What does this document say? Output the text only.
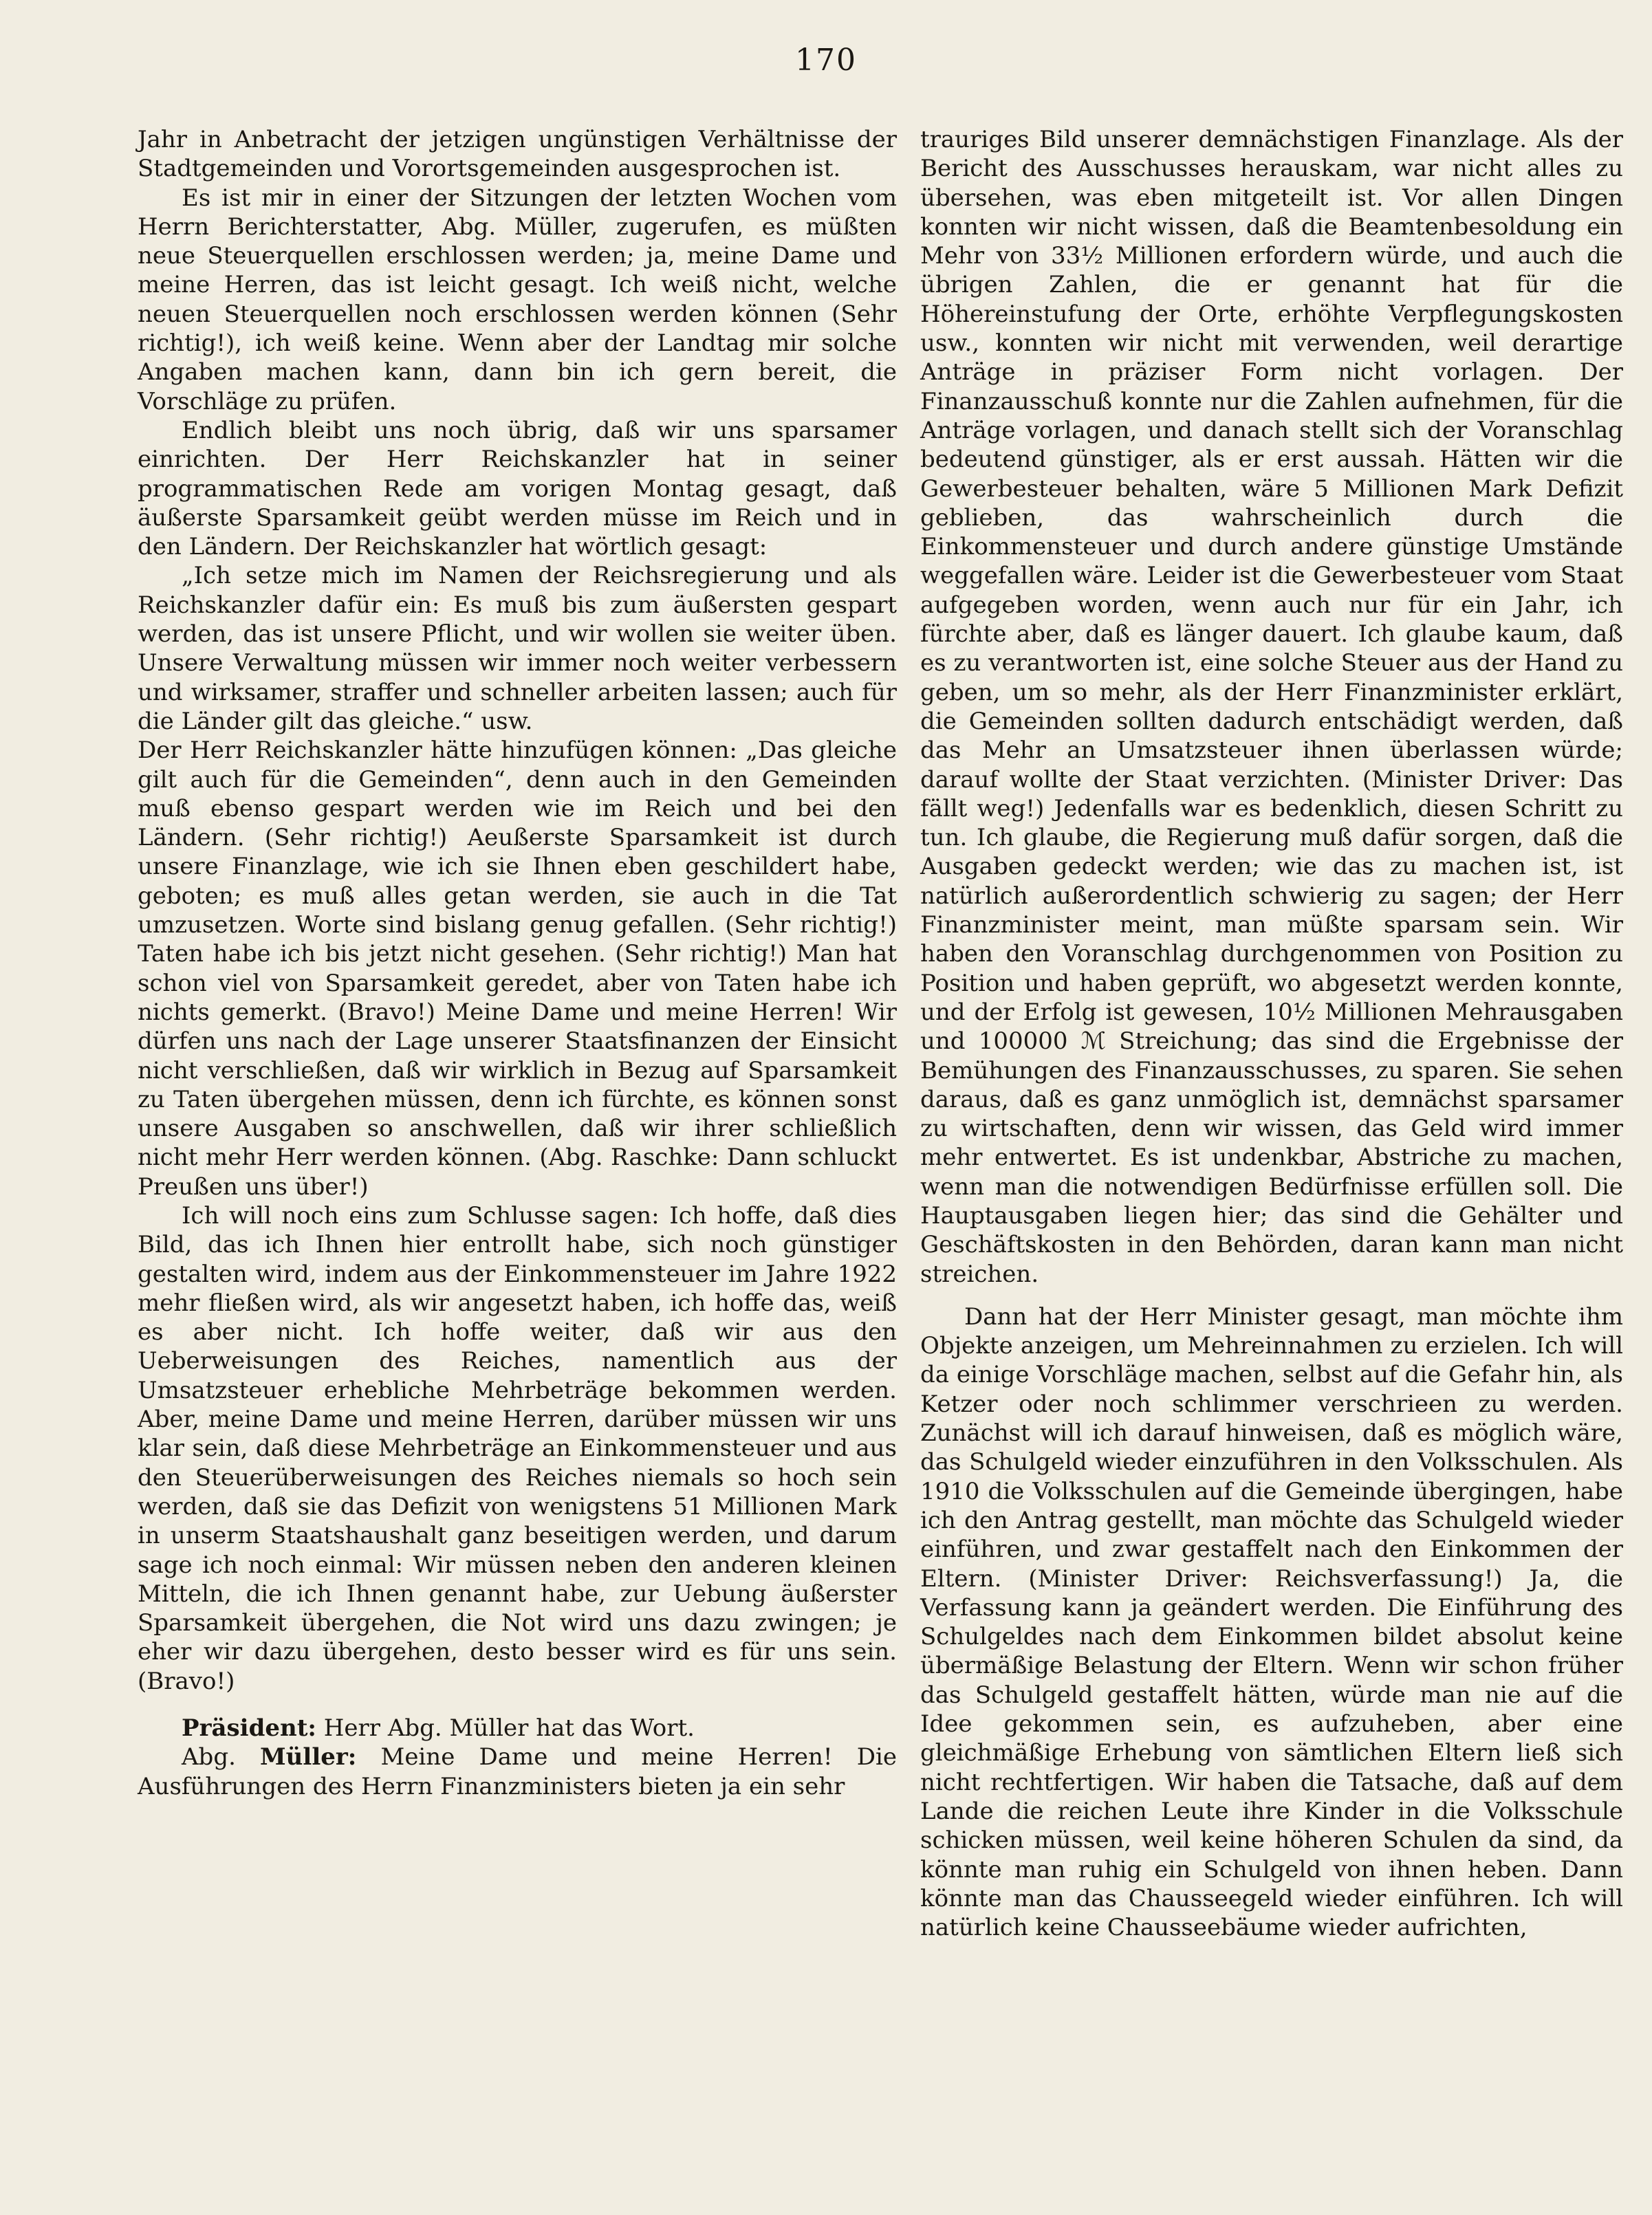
170

Jahr in Anbetracht der jetzigen ungünstigen Verhältnisse der Stadtgemeinden und Vorortsgemeinden ausgesprochen ist.

Es ist mir in einer der Sitzungen der letzten Wochen vom Herrn Berichterstatter, Abg. Müller, zugerufen, es müßten neue Steuerquellen erschlossen werden; ja, meine Dame und meine Herren, das ist leicht gesagt. Ich weiß nicht, welche neuen Steuerquellen noch erschlossen werden können (Sehr richtig!), ich weiß keine. Wenn aber der Landtag mir solche Angaben machen kann, dann bin ich gern bereit, die Vorschläge zu prüfen.

Endlich bleibt uns noch übrig, daß wir uns sparsamer einrichten. Der Herr Reichskanzler hat in seiner programmatischen Rede am vorigen Montag gesagt, daß äußerste Sparsamkeit geübt werden müsse im Reich und in den Ländern. Der Reichskanzler hat wörtlich gesagt:

„Ich setze mich im Namen der Reichsregierung und als Reichskanzler dafür ein: Es muß bis zum äußersten gespart werden, das ist unsere Pflicht, und wir wollen sie weiter üben. Unsere Verwaltung müssen wir immer noch weiter verbessern und wirksamer, straffer und schneller arbeiten lassen; auch für die Länder gilt das gleiche.“ usw.

Der Herr Reichskanzler hätte hinzufügen können: „Das gleiche gilt auch für die Gemeinden“, denn auch in den Gemeinden muß ebenso gespart werden wie im Reich und bei den Ländern. (Sehr richtig!) Aeußerste Sparsamkeit ist durch unsere Finanzlage, wie ich sie Ihnen eben geschildert habe, geboten; es muß alles getan werden, sie auch in die Tat umzusetzen. Worte sind bislang genug gefallen. (Sehr richtig!) Taten habe ich bis jetzt nicht gesehen. (Sehr richtig!) Man hat schon viel von Sparsamkeit geredet, aber von Taten habe ich nichts gemerkt. (Bravo!) Meine Dame und meine Herren! Wir dürfen uns nach der Lage unserer Staatsfinanzen der Einsicht nicht verschließen, daß wir wirklich in Bezug auf Sparsamkeit zu Taten übergehen müssen, denn ich fürchte, es können sonst unsere Ausgaben so anschwellen, daß wir ihrer schließlich nicht mehr Herr werden können. (Abg. Raschke: Dann schluckt Preußen uns über!)

Ich will noch eins zum Schlusse sagen: Ich hoffe, daß dies Bild, das ich Ihnen hier entrollt habe, sich noch günstiger gestalten wird, indem aus der Einkommensteuer im Jahre 1922 mehr fließen wird, als wir angesetzt haben, ich hoffe das, weiß es aber nicht. Ich hoffe weiter, daß wir aus den Ueberweisungen des Reiches, namentlich aus der Umsatzsteuer erhebliche Mehrbeträge bekommen werden. Aber, meine Dame und meine Herren, darüber müssen wir uns klar sein, daß diese Mehrbeträge an Einkommensteuer und aus den Steuerüberweisungen des Reiches niemals so hoch sein werden, daß sie das Defizit von wenigstens 51 Millionen Mark in unserm Staatshaushalt ganz beseitigen werden, und darum sage ich noch einmal: Wir müssen neben den anderen kleinen Mitteln, die ich Ihnen genannt habe, zur Uebung äußerster Sparsamkeit übergehen, die Not wird uns dazu zwingen; je eher wir dazu übergehen, desto besser wird es für uns sein. (Bravo!)

Präsident: Herr Abg. Müller hat das Wort.

Abg. Müller: Meine Dame und meine Herren! Die Ausführungen des Herrn Finanzministers bieten ja ein sehr

trauriges Bild unserer demnächstigen Finanzlage. Als der Bericht des Ausschusses herauskam, war nicht alles zu übersehen, was eben mitgeteilt ist. Vor allen Dingen konnten wir nicht wissen, daß die Beamtenbesoldung ein Mehr von 33½ Millionen erfordern würde, und auch die übrigen Zahlen, die er genannt hat für die Höhereinstufung der Orte, erhöhte Verpflegungskosten usw., konnten wir nicht mit verwenden, weil derartige Anträge in präziser Form nicht vorlagen. Der Finanzausschuß konnte nur die Zahlen aufnehmen, für die Anträge vorlagen, und danach stellt sich der Voranschlag bedeutend günstiger, als er erst aussah. Hätten wir die Gewerbesteuer behalten, wäre 5 Millionen Mark Defizit geblieben, das wahrscheinlich durch die Einkommensteuer und durch andere günstige Umstände weggefallen wäre. Leider ist die Gewerbesteuer vom Staat aufgegeben worden, wenn auch nur für ein Jahr, ich fürchte aber, daß es länger dauert. Ich glaube kaum, daß es zu verantworten ist, eine solche Steuer aus der Hand zu geben, um so mehr, als der Herr Finanzminister erklärt, die Gemeinden sollten dadurch entschädigt werden, daß das Mehr an Umsatzsteuer ihnen überlassen würde; darauf wollte der Staat verzichten. (Minister Driver: Das fällt weg!) Jedenfalls war es bedenklich, diesen Schritt zu tun. Ich glaube, die Regierung muß dafür sorgen, daß die Ausgaben gedeckt werden; wie das zu machen ist, ist natürlich außerordentlich schwierig zu sagen; der Herr Finanzminister meint, man müßte sparsam sein. Wir haben den Voranschlag durchgenommen von Position zu Position und haben geprüft, wo abgesetzt werden konnte, und der Erfolg ist gewesen, 10½ Millionen Mehrausgaben und 100000 ℳ Streichung; das sind die Ergebnisse der Bemühungen des Finanzausschusses, zu sparen. Sie sehen daraus, daß es ganz unmöglich ist, demnächst sparsamer zu wirtschaften, denn wir wissen, das Geld wird immer mehr entwertet. Es ist undenkbar, Abstriche zu machen, wenn man die notwendigen Bedürfnisse erfüllen soll. Die Hauptausgaben liegen hier; das sind die Gehälter und Geschäftskosten in den Behörden, daran kann man nicht streichen.

Dann hat der Herr Minister gesagt, man möchte ihm Objekte anzeigen, um Mehreinnahmen zu erzielen. Ich will da einige Vorschläge machen, selbst auf die Gefahr hin, als Ketzer oder noch schlimmer verschrieen zu werden. Zunächst will ich darauf hinweisen, daß es möglich wäre, das Schulgeld wieder einzuführen in den Volksschulen. Als 1910 die Volksschulen auf die Gemeinde übergingen, habe ich den Antrag gestellt, man möchte das Schulgeld wieder einführen, und zwar gestaffelt nach den Einkommen der Eltern. (Minister Driver: Reichsverfassung!) Ja, die Verfassung kann ja geändert werden. Die Einführung des Schulgeldes nach dem Einkommen bildet absolut keine übermäßige Belastung der Eltern. Wenn wir schon früher das Schulgeld gestaffelt hätten, würde man nie auf die Idee gekommen sein, es aufzuheben, aber eine gleichmäßige Erhebung von sämtlichen Eltern ließ sich nicht rechtfertigen. Wir haben die Tatsache, daß auf dem Lande die reichen Leute ihre Kinder in die Volksschule schicken müssen, weil keine höheren Schulen da sind, da könnte man ruhig ein Schulgeld von ihnen heben. Dann könnte man das Chausseegeld wieder einführen. Ich will natürlich keine Chausseebäume wieder aufrichten,
